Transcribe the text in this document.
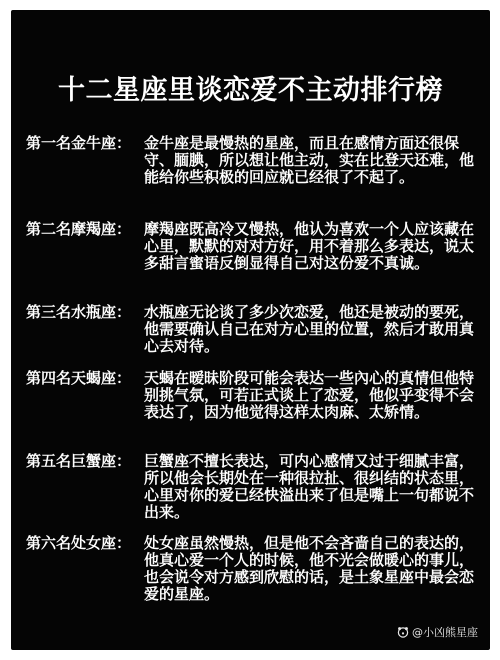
十二星座里谈恋爱不主动排行榜
第一名金牛座： 金牛座是最慢热的星座，而且在感情方面还很保守、腼腆，所以想让他主动，实在比登天还难，他能给你些积极的回应就已经很了不起了。
第二名摩羯座： 摩羯座既高冷又慢热，他认为喜欢一个人应该藏在心里，默默的对对方好，用不着那么多表达，说太多甜言蜜语反倒显得自己对这份爱不真诚。
第三名水瓶座： 水瓶座无论谈了多少次恋爱，他还是被动的要死，他需要确认自己在对方心里的位置，然后才敢用真心去对待。
第四名天蝎座： 天蝎在暧昧阶段可能会表达一些內心的真情但他特别挑气氛，可若正式谈上了恋爱，他似乎变得不会表达了，因为他觉得这样太肉麻、太矫情。
第五名巨蟹座： 巨蟹座不擅长表达，可内心感情又过于细腻丰富，所以他会长期处在一种很拉扯、很纠结的状态里，心里对你的爱已经快溢出来了但是嘴上一句都说不出来。
第六名处女座： 处女座虽然慢热，但是他不会吝啬自己的表达的，他真心爱一个人的时候，他不光会做暖心的事儿，也会说令对方感到欣慰的话，是土象星座中最会恋爱的星座。
@小凶熊星座
